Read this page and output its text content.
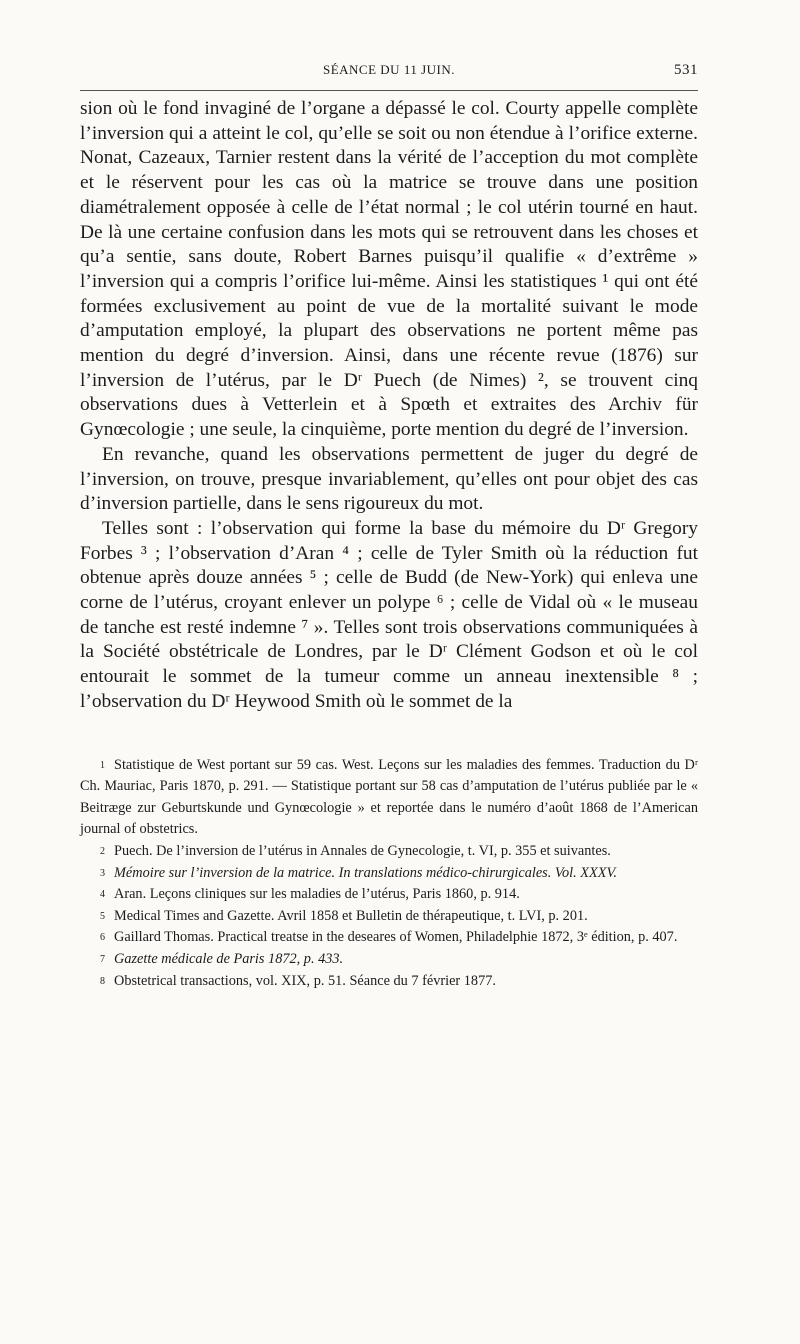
SÉANCE DU 11 JUIN.	531

sion où le fond invaginé de l’organe a dépassé le col. Courty appelle complète l’inversion qui a atteint le col, qu’elle se soit ou non étendue à l’orifice externe. Nonat, Cazeaux, Tarnier restent dans la vérité de l’acception du mot complète et le réservent pour les cas où la matrice se trouve dans une position diamétralement opposée à celle de l’état normal ; le col utérin tourné en haut. De là une certaine confusion dans les mots qui se retrouvent dans les choses et qu’a sentie, sans doute, Robert Barnes puisqu’il qualifie « d’extrême » l’inversion qui a compris l’orifice lui-même. Ainsi les statistiques ¹ qui ont été formées exclusivement au point de vue de la mortalité suivant le mode d’amputation employé, la plupart des observations ne portent même pas mention du degré d’inversion. Ainsi, dans une récente revue (1876) sur l’inversion de l’utérus, par le Dʳ Puech (de Nimes) ², se trouvent cinq observations dues à Vetterlein et à Spœth et extraites des Archiv für Gynœcologie ; une seule, la cinquième, porte mention du degré de l’inversion.

En revanche, quand les observations permettent de juger du degré de l’inversion, on trouve, presque invariablement, qu’elles ont pour objet des cas d’inversion partielle, dans le sens rigoureux du mot.

Telles sont : l’observation qui forme la base du mémoire du Dʳ Gregory Forbes ³ ; l’observation d’Aran ⁴ ; celle de Tyler Smith où la réduction fut obtenue après douze années ⁵ ; celle de Budd (de New-York) qui enleva une corne de l’utérus, croyant enlever un polype ⁶ ; celle de Vidal où « le museau de tanche est resté indemne ⁷ ». Telles sont trois observations communiquées à la Société obstétricale de Londres, par le Dʳ Clément Godson et où le col entourait le sommet de la tumeur comme un anneau inextensible ⁸ ; l’observation du Dʳ Heywood Smith où le sommet de la

1 Statistique de West portant sur 59 cas. West. Leçons sur les maladies des femmes. Traduction du Dʳ Ch. Mauriac, Paris 1870, p. 291. — Statistique portant sur 58 cas d’amputation de l’utérus publiée par le « Beitræge zur Geburtskunde und Gynœcologie » et reportée dans le numéro d’août 1868 de l’American journal of obstetrics.

2 Puech. De l’inversion de l’utérus in Annales de Gynecologie, t. VI, p. 355 et suivantes.

3 Mémoire sur l’inversion de la matrice. In translations médico-chirurgicales. Vol. XXXV.

4 Aran. Leçons cliniques sur les maladies de l’utérus, Paris 1860, p. 914.

5 Medical Times and Gazette. Avril 1858 et Bulletin de thérapeutique, t. LVI, p. 201.

6 Gaillard Thomas. Practical treatse in the deseares of Women, Philadelphie 1872, 3ᵉ édition, p. 407.

7 Gazette médicale de Paris 1872, p. 433.

8 Obstetrical transactions, vol. XIX, p. 51. Séance du 7 février 1877.
